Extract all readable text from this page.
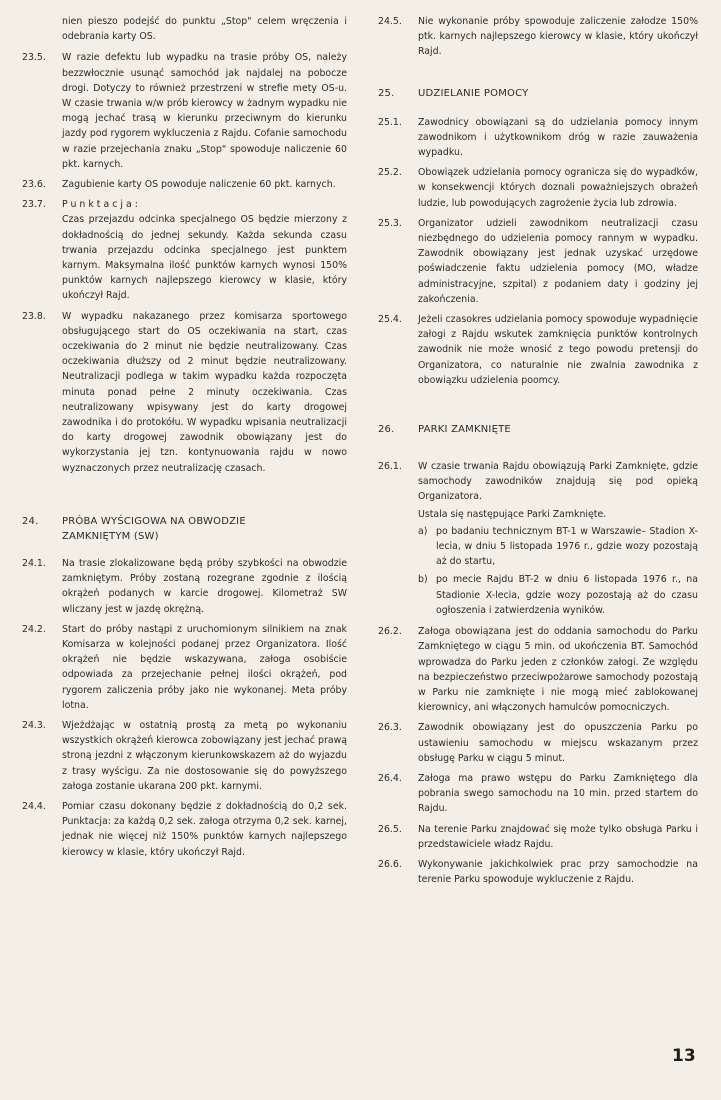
nien pieszo podejść do punktu „Stop" celem wręczenia i odebrania karty OS.
23.5.	W razie defektu lub wypadku na trasie próby OS, należy bezzwłocznie usunąć samochód jak najdalej na pobocze drogi. Dotyczy to również przestrzeni w strefie mety OS-u. W czasie trwania w/w prób kierowcy w żadnym wypadku nie mogą jechać trasą w kierunku przeciwnym do kierunku jazdy pod rygorem wykluczenia z Rajdu. Cofanie samochodu w razie przejechania znaku „Stop" spowoduje naliczenie 60 pkt. karnych.
23.6.	Zagubienie karty OS powoduje naliczenie 60 pkt. karnych.
23.7.	Punktacja:
Czas przejazdu odcinka specjalnego OS będzie mierzony z dokładnością do jednej sekundy. Każda sekunda czasu trwania przejazdu odcinka specjalnego jest punktem karnym. Maksymalna ilość punktów karnych wynosi 150% punktów karnych najlepszego kierowcy w klasie, który ukończył Rajd.
23.8.	W wypadku nakazanego przez komisarza sportowego obsługującego start do OS oczekiwania na start, czas oczekiwania do 2 minut nie będzie neutralizowany. Czas oczekiwania dłuższy od 2 minut będzie neutralizowany. Neutralizacji podlega w takim wypadku każda rozpoczęta minuta ponad pełne 2 minuty oczekiwania. Czas neutralizowany wpisywany jest do karty drogowej zawodnika i do protokółu. W wypadku wpisania neutralizacji do karty drogowej zawodnik obowiązany jest do wykorzystania jej tzn. kontynuowania rajdu w nowo wyznaczonych przez neutralizację czasach.
24.	PRÓBA WYŚCIGOWA NA OBWODZIE ZAMKNIĘTYM (SW)
24.1.	Na trasie zlokalizowane będą próby szybkości na obwodzie zamkniętym. Próby zostaną rozegrane zgodnie z ilością okrążeń podanych w karcie drogowej. Kilometraż SW wliczany jest w jazdę okrężną.
24.2.	Start do próby nastąpi z uruchomionym silnikiem na znak Komisarza w kolejności podanej przez Organizatora. Ilość okrążeń nie będzie wskazywana, załoga osobiście odpowiada za przejechanie pełnej ilości okrążeń, pod rygorem zaliczenia próby jako nie wykonanej. Meta próby lotna.
24.3.	Wjeżdżając w ostatnią prostą za metą po wykonaniu wszystkich okrążeń kierowca zobowiązany jest jechać prawą stroną jezdni z włączonym kierunkowskazem aż do wyjazdu z trasy wyścigu. Za nie dostosowanie się do powyższego załoga zostanie ukarana 200 pkt. karnymi.
24.4.	Pomiar czasu dokonany będzie z dokładnością do 0,2 sek. Punktacja: za każdą 0,2 sek. załoga otrzyma 0,2 sek. karnej, jednak nie więcej niż 150% punktów karnych najlepszego kierowcy w klasie, który ukończył Rajd.
24.5.	Nie wykonanie próby spowoduje zaliczenie załodze 150% ptk. karnych najlepszego kierowcy w klasie, który ukończył Rajd.
25.	UDZIELANIE POMOCY
25.1.	Zawodnicy obowiązani są do udzielania pomocy innym zawodnikom i użytkownikom dróg w razie zauważenia wypadku.
25.2.	Obowiązek udzielania pomocy ogranicza się do wypadków, w konsekwencji których doznali poważniejszych obrażeń ludzie, lub powodujących zagrożenie życia lub zdrowia.
25.3.	Organizator udzieli zawodnikom neutralizacji czasu niezbędnego do udzielenia pomocy rannym w wypadku. Zawodnik obowiązany jest jednak uzyskać urzędowe poświadczenie faktu udzielenia pomocy (MO, władze administracyjne, szpital) z podaniem daty i godziny jej zakończenia.
25.4.	Jeżeli czasokres udzielania pomocy spowoduje wypadnięcie załogi z Rajdu wskutek zamknięcia punktów kontrolnych zawodnik nie może wnosić z tego powodu pretensji do Organizatora, co naturalnie nie zwalnia zawodnika z obowiązku udzielenia poomcy.
26.	PARKI ZAMKNIĘTE
26.1.	W czasie trwania Rajdu obowiązują Parki Zamknięte, gdzie samochody zawodników znajdują się pod opieką Organizatora.
Ustala się następujące Parki Zamknięte.
a) po badaniu technicznym BT-1 w Warszawie– Stadion X-lecia, w dniu 5 listopada 1976 r., gdzie wozy pozostają aż do startu,
b) po mecie Rajdu BT-2 w dniu 6 listopada 1976 r., na Stadionie X-lecia, gdzie wozy pozostają aż do czasu ogłoszenia i zatwierdzenia wyników.
26.2.	Załoga obowiązana jest do oddania samochodu do Parku Zamkniętego w ciągu 5 min. od ukończenia BT. Samochód wprowadza do Parku jeden z członków załogi. Ze względu na bezpieczeństwo przeciwpożarowe samochody pozostają w Parku nie zamknięte i nie mogą mieć zablokowanej kierownicy, ani włączonych hamulców pomocniczych.
26.3.	Zawodnik obowiązany jest do opuszczenia Parku po ustawieniu samochodu w miejscu wskazanym przez obsługę Parku w ciągu 5 minut.
26.4.	Załoga ma prawo wstępu do Parku Zamkniętego dla pobrania swego samochodu na 10 min. przed startem do Rajdu.
26.5.	Na terenie Parku znajdować się może tylko obsługa Parku i przedstawiciele władz Rajdu.
26.6.	Wykonywanie jakichkolwiek prac przy samochodzie na terenie Parku spowoduje wykluczenie z Rajdu.
13
